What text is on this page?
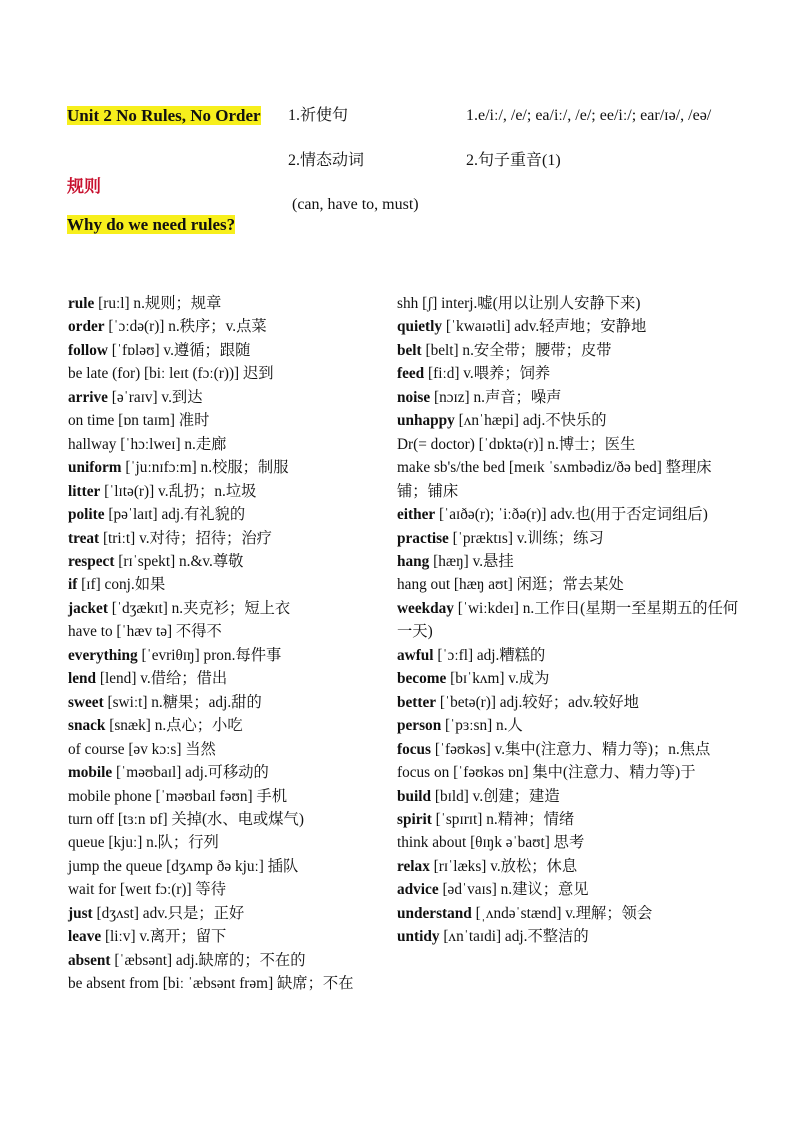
Unit 2 No Rules, No Order
规则
Why do we need rules?
1.祈使句
2.情态动词
(can, have to, must)
1.e/iː/, /e/; ea/iː/, /e/; ee/iː/; ear/ɪə/, /eə/
2.句子重音(1)
rule [ruːl] n.规则；规章
order [ˈɔːdə(r)] n.秩序；v.点菜
follow [ˈfɒləʊ] v.遵循；跟随
be late (for) [biː leɪt (fɔː(r))] 迟到
arrive [əˈraɪv] v.到达
on time [ɒn taɪm] 准时
hallway [ˈhɔːlweɪ] n.走廊
uniform [ˈjuːnɪfɔːm] n.校服；制服
litter [ˈlɪtə(r)] v.乱扔；n.垃圾
polite [pəˈlaɪt] adj.有礼貌的
treat [triːt] v.对待；招待；治疗
respect [rɪˈspekt] n.&v.尊敬
if [ɪf] conj.如果
jacket [ˈdʒækɪt] n.夹克衫；短上衣
have to [ˈhæv tə] 不得不
everything [ˈevriθɪŋ] pron.每件事
lend [lend] v.借给；借出
sweet [swiːt] n.糖果；adj.甜的
snack [snæk] n.点心；小吃
of course [əv kɔːs] 当然
mobile [ˈməʊbaɪl] adj.可移动的
mobile phone [ˈməʊbaɪl fəʊn] 手机
turn off [tɜːn ɒf] 关掉(水、电或煤气)
queue [kjuː] n.队；行列
jump the queue [dʒʌmp ðə kjuː] 插队
wait for [weɪt fɔː(r)] 等待
just [dʒʌst] adv.只是；正好
leave [liːv] v.离开；留下
absent [ˈæbsənt] adj.缺席的；不在的
be absent from [biː ˈæbsənt frəm] 缺席；不在
shh [ʃ] interj.嘘(用以让别人安静下来)
quietly [ˈkwaɪətli] adv.轻声地；安静地
belt [belt] n.安全带；腰带；皮带
feed [fiːd] v.喂养；饲养
noise [nɔɪz] n.声音；噪声
unhappy [ʌnˈhæpi] adj.不快乐的
Dr(= doctor) [ˈdɒktə(r)] n.博士；医生
make sb's/the bed [meɪk ˈsʌmbədiz/ðə bed] 整理床铺；铺床
either [ˈaɪðə(r); ˈiːðə(r)] adv.也(用于否定词组后)
practise [ˈpræktɪs] v.训练；练习
hang [hæŋ] v.悬挂
hang out [hæŋ aʊt] 闲逛；常去某处
weekday [ˈwiːkdeɪ] n.工作日(星期一至星期五的任何一天)
awful [ˈɔːfl] adj.糟糕的
become [bɪˈkʌm] v.成为
better [ˈbetə(r)] adj.较好；adv.较好地
person [ˈpɜːsn] n.人
focus [ˈfəʊkəs] v.集中(注意力、精力等)；n.焦点
focus on [ˈfəʊkəs ɒn] 集中(注意力、精力等)于
build [bɪld] v.创建；建造
spirit [ˈspɪrɪt] n.精神；情绪
think about [θɪŋk əˈbaʊt] 思考
relax [rɪˈlæks] v.放松；休息
advice [ədˈvaɪs] n.建议；意见
understand [ˌʌndəˈstænd] v.理解；领会
untidy [ʌnˈtaɪdi] adj.不整洁的
